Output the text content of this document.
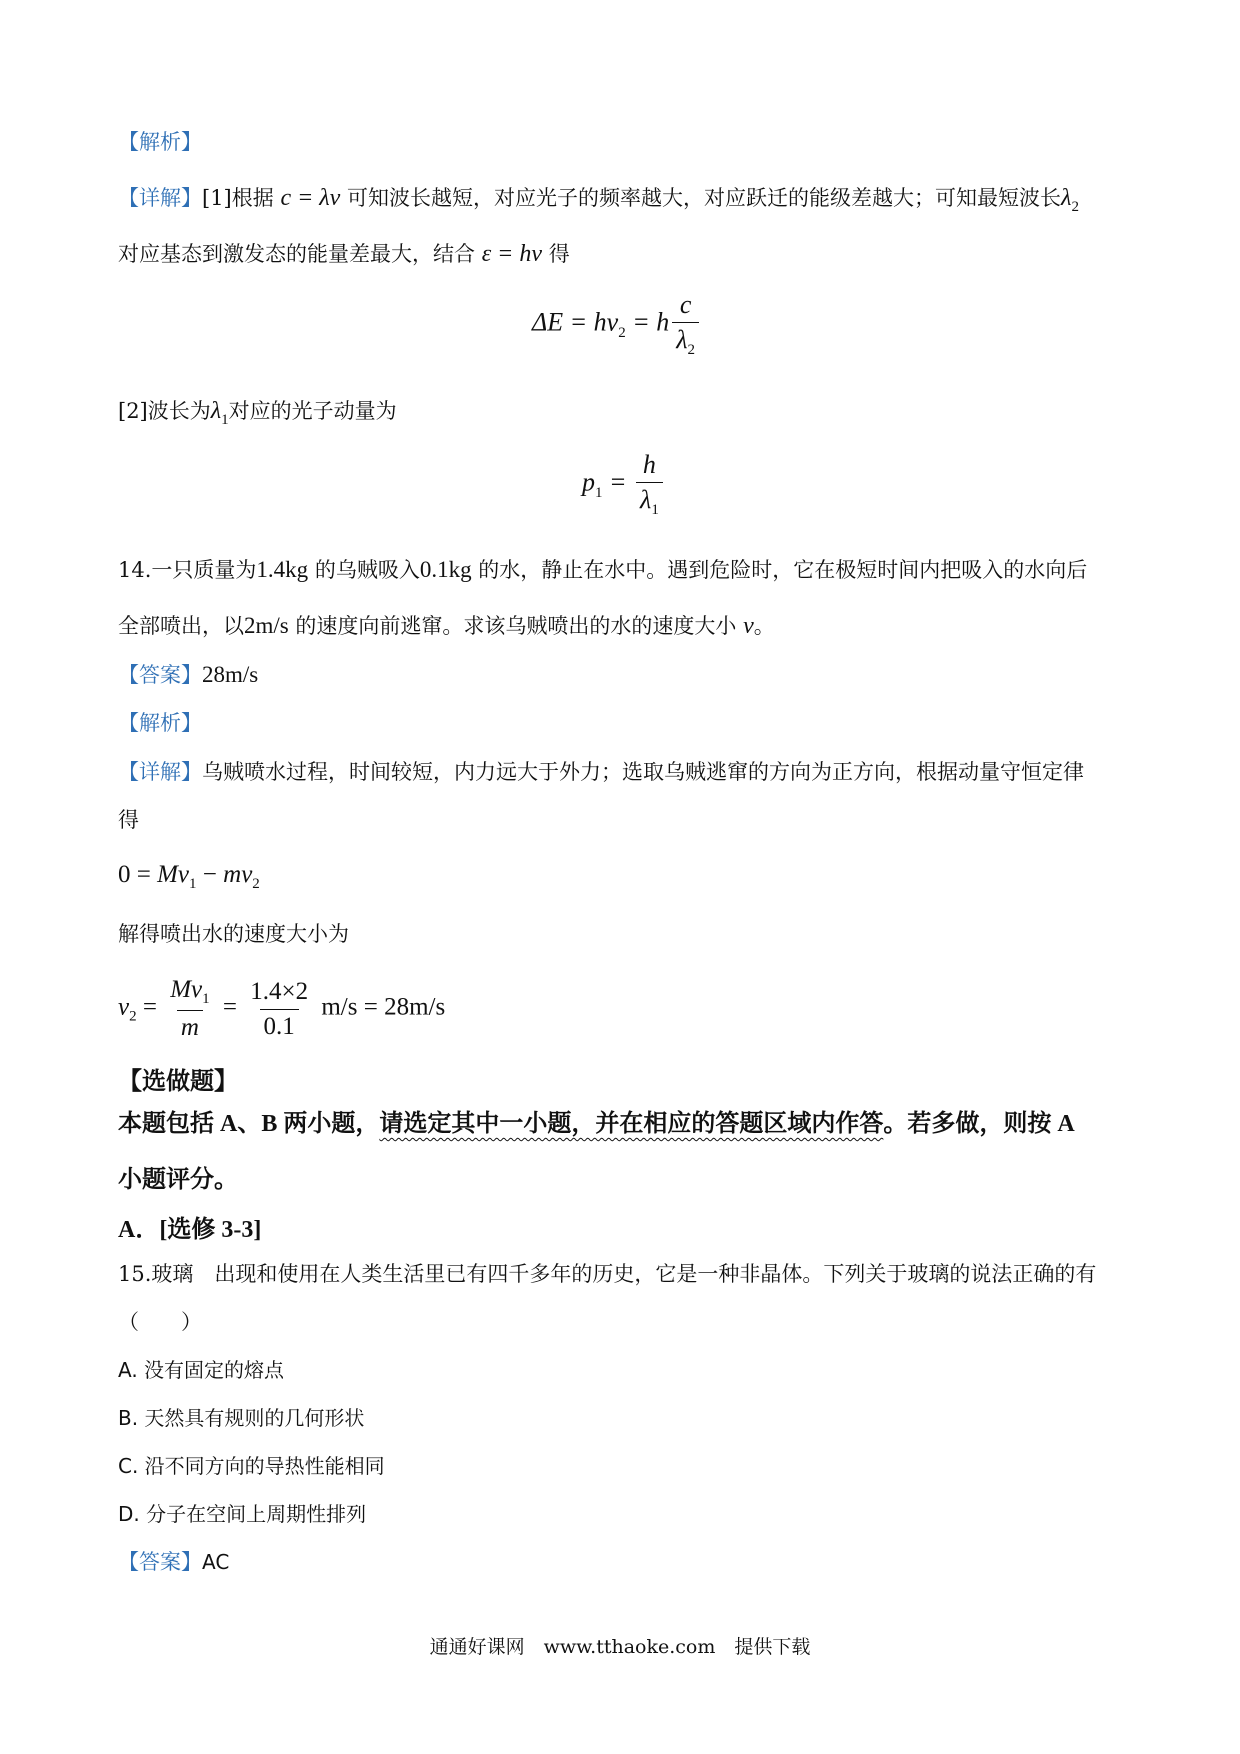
【解析】
【详解】[1]根据 c = λν 可知波长越短，对应光子的频率越大，对应跃迁的能级差越大；可知最短波长$\lambda_2$
对应基态到激发态的能量差最大，结合 ε = hν 得
$\Delta E = h\nu_2 = h \frac{c}{\lambda_2}$
[2]波长为$\lambda_1$对应的光子动量为
$p_1 = \frac{h}{\lambda_1}$
14.一只质量为1.4kg 的乌贼吸入0.1kg 的水，静止在水中。遇到危险时，它在极短时间内把吸入的水向后
全部喷出，以2m/s 的速度向前逃窜。求该乌贼喷出的水的速度大小 v。
【答案】28m/s
【解析】
【详解】乌贼喷水过程，时间较短，内力远大于外力；选取乌贼逃窜的方向为正方向，根据动量守恒定律
得
$0 = Mv_1 - mv_2$
解得喷出水的速度大小为
$v_2 = \frac{Mv_1}{m} = \frac{1.4\times 2}{0.1} m/s = 28m/s$
【选做题】
本题包括 A、B 两小题，请选定其中一小题，并在相应的答题区域内作答。若多做，则按 A
小题评分。
A．[选修 3-3]
15.玻璃　出现和使用在人类生活里已有四千多年的历史，它是一种非晶体。下列关于玻璃的说法正确的有
（　　）
A. 没有固定的熔点
B. 天然具有规则的几何形状
C. 沿不同方向的导热性能相同
D. 分子在空间上周期性排列
【答案】AC
通通好课网　www.tthaoke.com　提供下载
